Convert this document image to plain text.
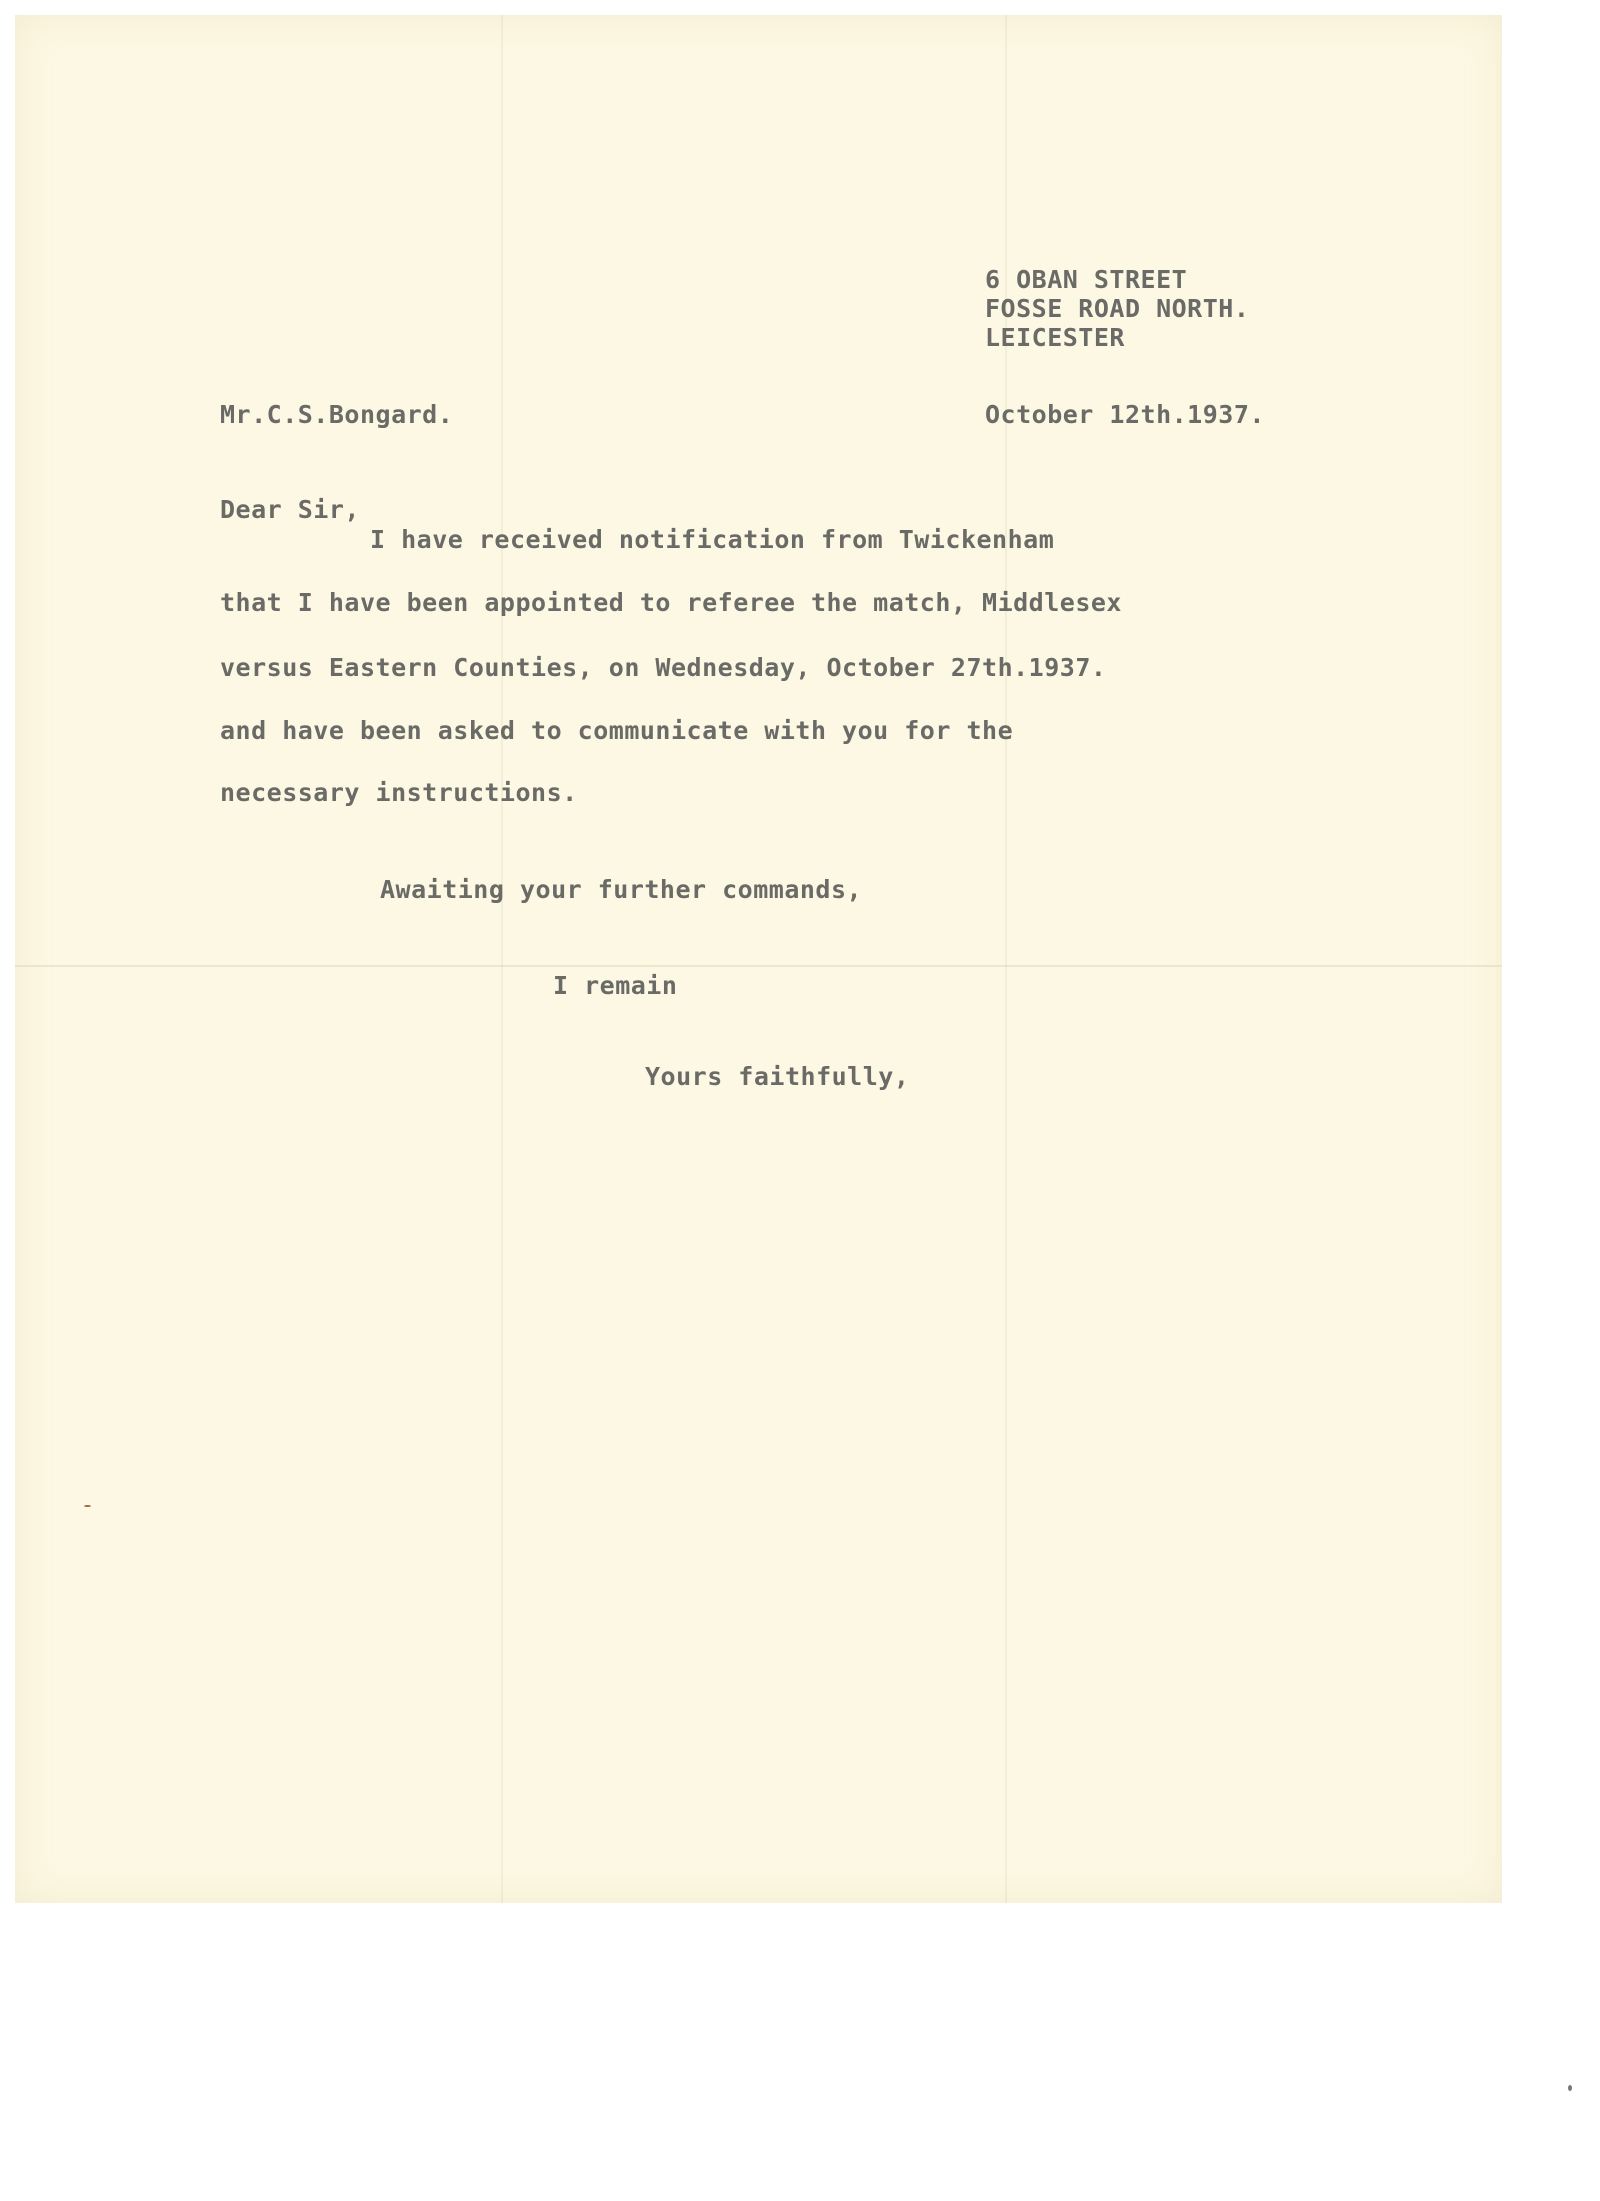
6 OBAN STREET

FOSSE ROAD NORTH.

LEICESTER

Mr.C.S.Bongard.	October 12th.1937.

Dear Sir,

I have received notification from Twickenham

that I have been appointed to referee the match, Middlesex

versus Eastern Counties, on Wednesday, October 27th.1937.

and have been asked to communicate with you for the

necessary instructions.

Awaiting your further commands,

I remain

Yours faithfully,
